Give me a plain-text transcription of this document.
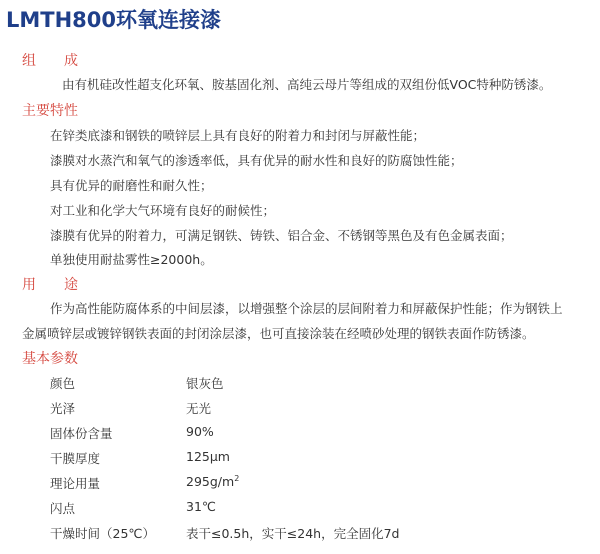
LMTH800环氧连接漆
组成
由有机硅改性超支化环氧、胺基固化剂、高纯云母片等组成的双组份低VOC特种防锈漆。
主要特性
在锌类底漆和钢铁的喷锌层上具有良好的附着力和封闭与屏蔽性能；
漆膜对水蒸汽和氧气的渗透率低，具有优异的耐水性和良好的防腐蚀性能；
具有优异的耐磨性和耐久性；
对工业和化学大气环境有良好的耐候性；
漆膜有优异的附着力，可满足钢铁、铸铁、铝合金、不锈钢等黑色及有色金属表面；
单独使用耐盐雾性≥2000h。
用途
作为高性能防腐体系的中间层漆，以增强整个涂层的层间附着力和屏蔽保护性能；作为钢铁上
金属喷锌层或镀锌钢铁表面的封闭涂层漆，也可直接涂装在经喷砂处理的钢铁表面作防锈漆。
基本参数
颜色	银灰色
光泽	无光
固体份含量	90%
干膜厚度	125μm
理论用量	$295g/m^2$
闪点	31℃
干燥时间（25℃） 表干≤0.5h，实干≤24h，完全固化7d
